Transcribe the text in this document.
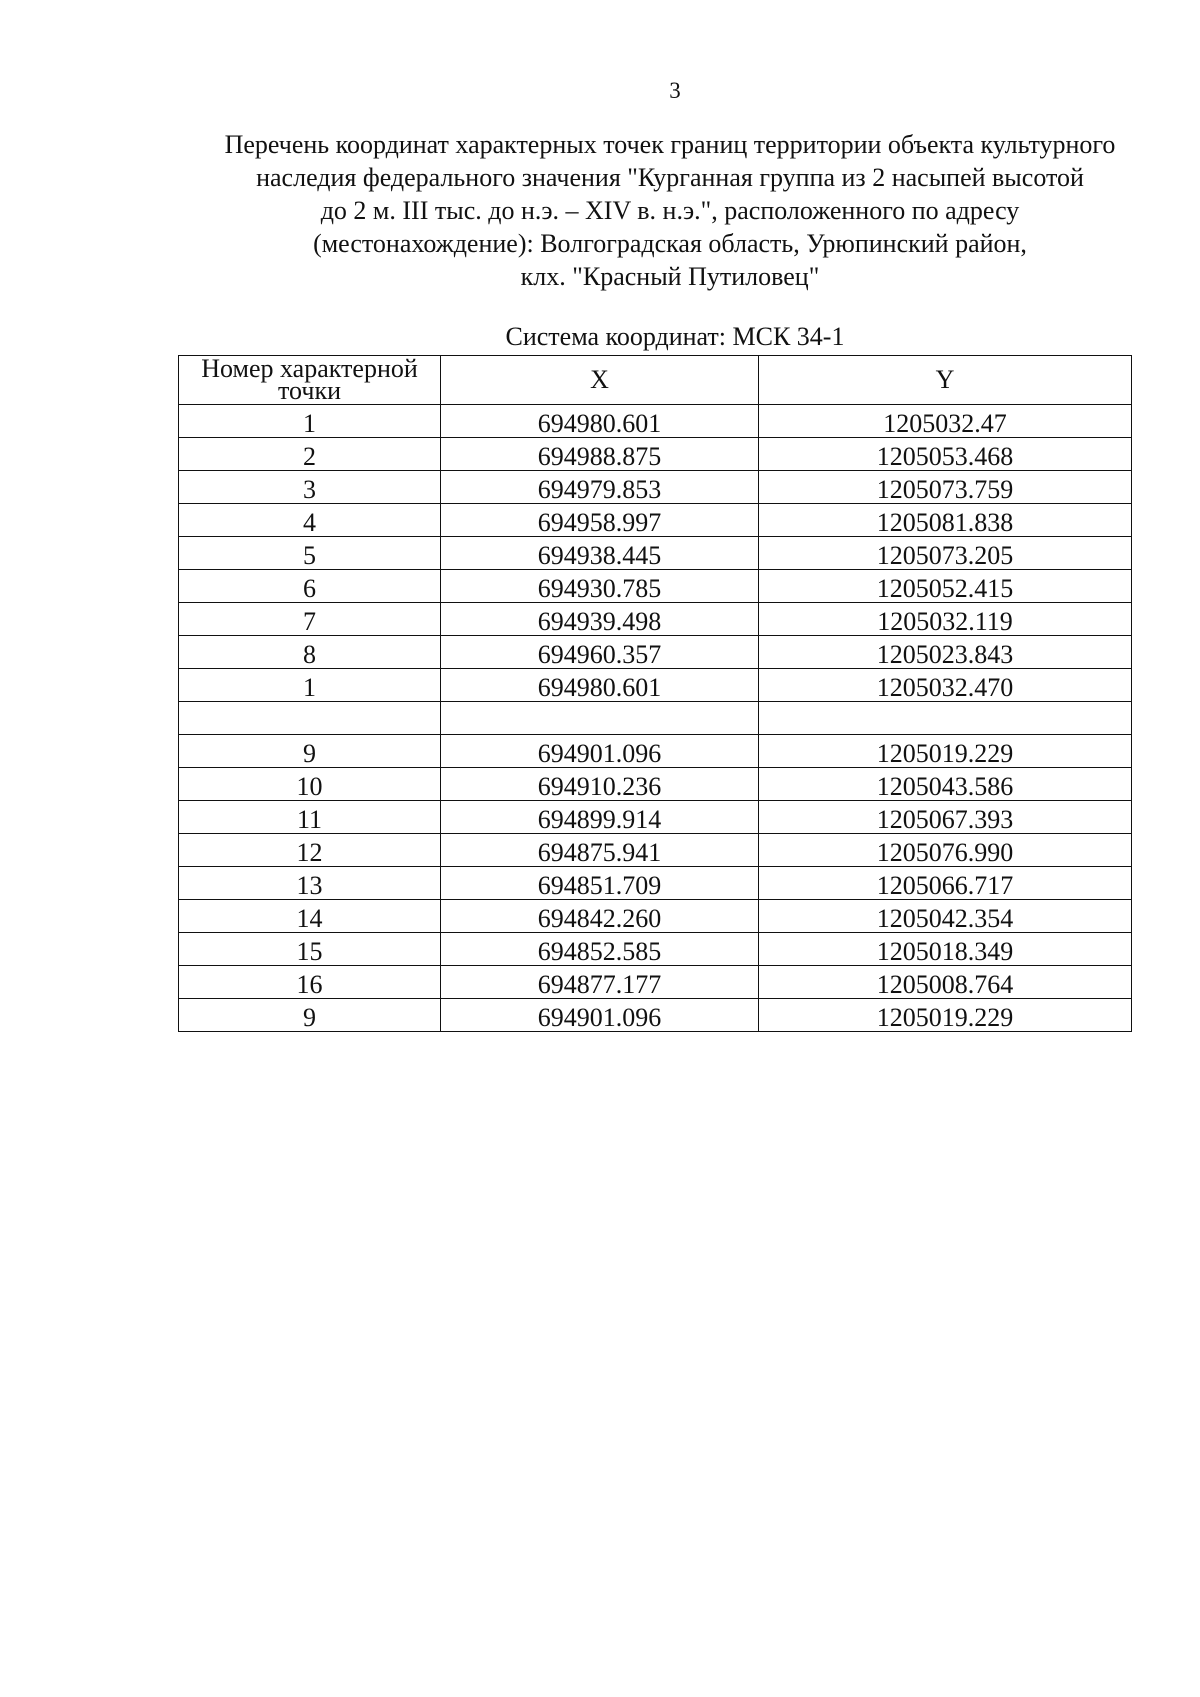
3
Перечень координат характерных точек границ территории объекта культурного
наследия федерального значения "Курганная группа из 2 насыпей высотой
до 2 м. III тыс. до н.э. – XIV в. н.э.", расположенного по адресу
(местонахождение): Волгоградская область, Урюпинский район,
клх. "Красный Путиловец"
Система координат: МСК 34-1
Номер характерной точки	X	Y
1	694980.601	1205032.47
2	694988.875	1205053.468
3	694979.853	1205073.759
4	694958.997	1205081.838
5	694938.445	1205073.205
6	694930.785	1205052.415
7	694939.498	1205032.119
8	694960.357	1205023.843
1	694980.601	1205032.470

9	694901.096	1205019.229
10	694910.236	1205043.586
11	694899.914	1205067.393
12	694875.941	1205076.990
13	694851.709	1205066.717
14	694842.260	1205042.354
15	694852.585	1205018.349
16	694877.177	1205008.764
9	694901.096	1205019.229
